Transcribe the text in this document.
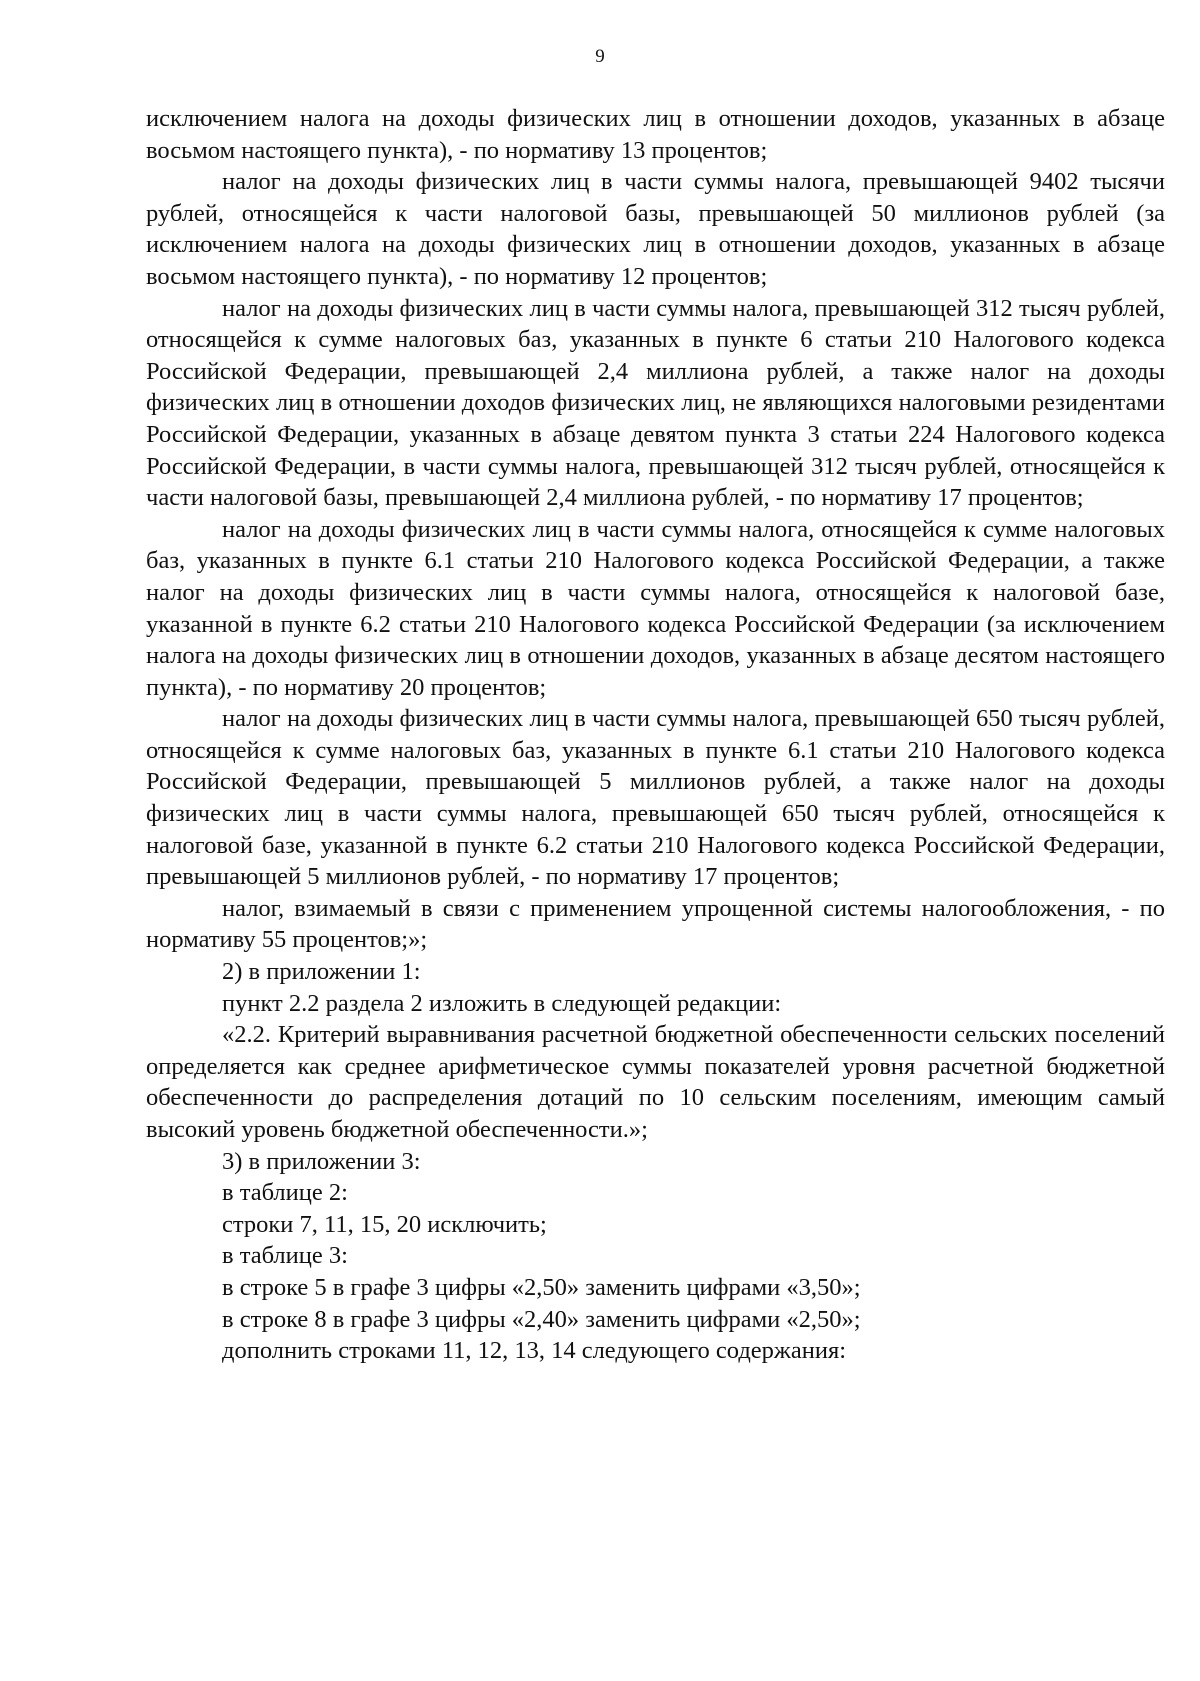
9

исключением налога на доходы физических лиц в отношении доходов, указанных в абзаце восьмом настоящего пункта), - по нормативу 13 процентов;

налог на доходы физических лиц в части суммы налога, превышающей 9402 тысячи рублей, относящейся к части налоговой базы, превышающей 50 миллионов рублей (за исключением налога на доходы физических лиц в отношении доходов, указанных в абзаце восьмом настоящего пункта), - по нормативу 12 процентов;

налог на доходы физических лиц в части суммы налога, превышающей 312 тысяч рублей, относящейся к сумме налоговых баз, указанных в пункте 6 статьи 210 Налогового кодекса Российской Федерации, превышающей 2,4 миллиона рублей, а также налог на доходы физических лиц в отношении доходов физических лиц, не являющихся налоговыми резидентами Российской Федерации, указанных в абзаце девятом пункта 3 статьи 224 Налогового кодекса Российской Федерации, в части суммы налога, превышающей 312 тысяч рублей, относящейся к части налоговой базы, превышающей 2,4 миллиона рублей, - по нормативу 17 процентов;

налог на доходы физических лиц в части суммы налога, относящейся к сумме налоговых баз, указанных в пункте 6.1 статьи 210 Налогового кодекса Российской Федерации, а также налог на доходы физических лиц в части суммы налога, относящейся к налоговой базе, указанной в пункте 6.2 статьи 210 Налогового кодекса Российской Федерации (за исключением налога на доходы физических лиц в отношении доходов, указанных в абзаце десятом настоящего пункта), - по нормативу 20 процентов;

налог на доходы физических лиц в части суммы налога, превышающей 650 тысяч рублей, относящейся к сумме налоговых баз, указанных в пункте 6.1 статьи 210 Налогового кодекса Российской Федерации, превышающей 5 миллионов рублей, а также налог на доходы физических лиц в части суммы налога, превышающей 650 тысяч рублей, относящейся к налоговой базе, указанной в пункте 6.2 статьи 210 Налогового кодекса Российской Федерации, превышающей 5 миллионов рублей, - по нормативу 17 процентов;

налог, взимаемый в связи с применением упрощенной системы налогообложения, - по нормативу 55 процентов;»;

2) в приложении 1:

пункт 2.2 раздела 2 изложить в следующей редакции:

«2.2. Критерий выравнивания расчетной бюджетной обеспеченности сельских поселений определяется как среднее арифметическое суммы показателей уровня расчетной бюджетной обеспеченности до распределения дотаций по 10 сельским поселениям, имеющим самый высокий уровень бюджетной обеспеченности.»;

3) в приложении 3:

в таблице 2:

строки 7, 11, 15, 20 исключить;

в таблице 3:

в строке 5 в графе 3 цифры «2,50» заменить цифрами «3,50»;

в строке 8 в графе 3 цифры «2,40» заменить цифрами «2,50»;

дополнить строками 11, 12, 13, 14 следующего содержания:
